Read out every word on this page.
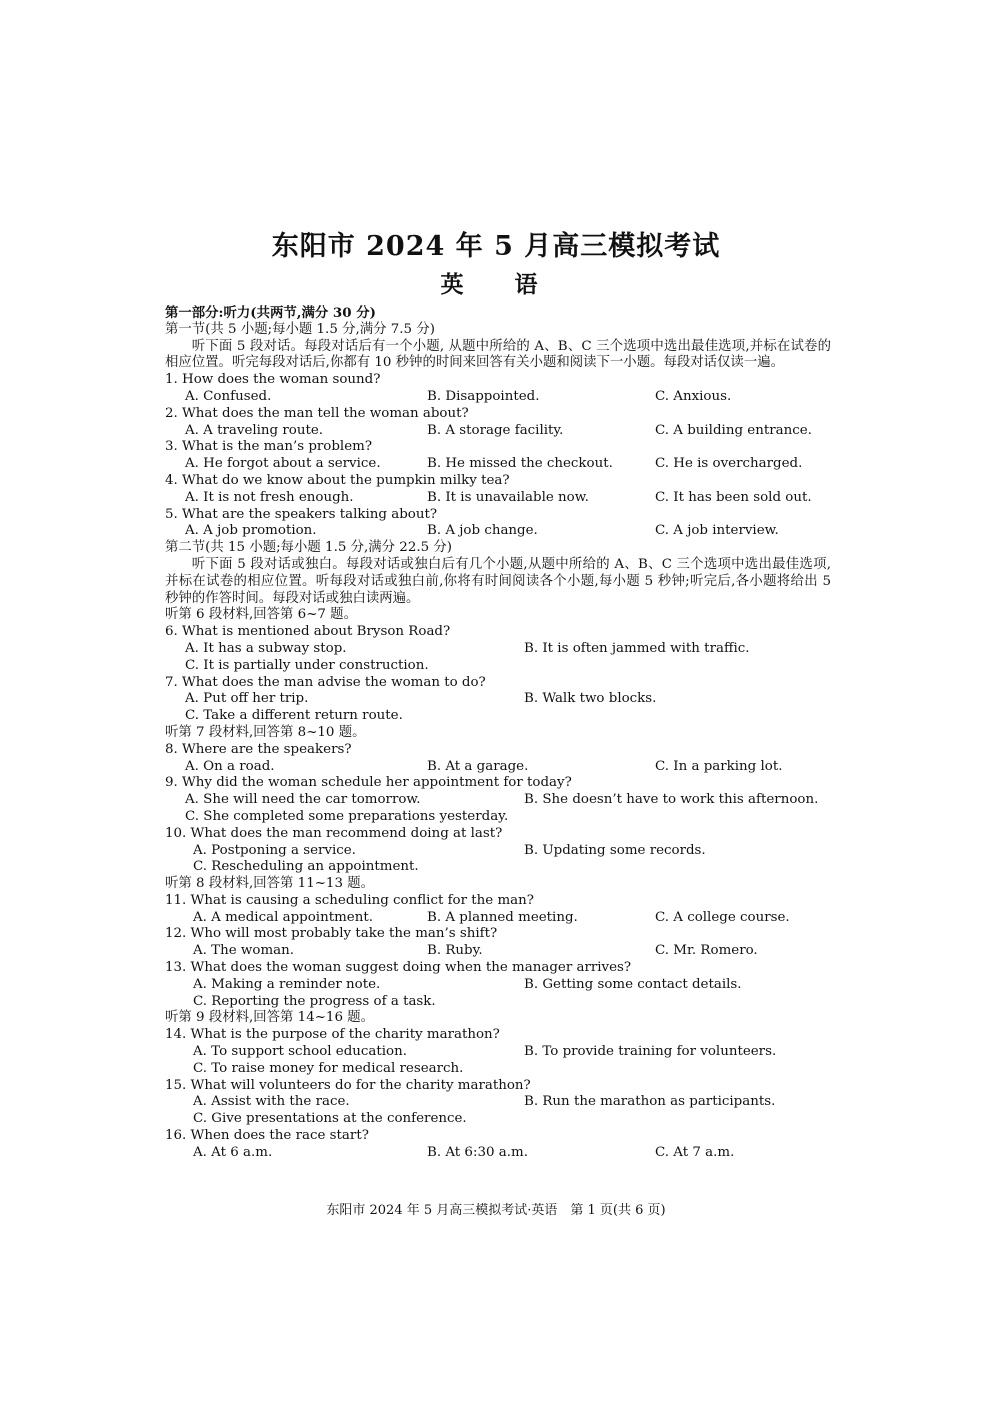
东阳市 2024 年 5 月高三模拟考试
英　语
第一部分:听力(共两节,满分 30 分)
第一节(共 5 小题;每小题 1.5 分,满分 7.5 分)
听下面 5 段对话。每段对话后有一个小题, 从题中所给的 A、B、C 三个选项中选出最佳选项,并标在试卷的相应位置。听完每段对话后,你都有 10 秒钟的时间来回答有关小题和阅读下一小题。每段对话仅读一遍。
1. How does the woman sound?
A. Confused.	B. Disappointed.	C. Anxious.
2. What does the man tell the woman about?
A. A traveling route.	B. A storage facility.	C. A building entrance.
3. What is the man’s problem?
A. He forgot about a service.	B. He missed the checkout.	C. He is overcharged.
4. What do we know about the pumpkin milky tea?
A. It is not fresh enough.	B. It is unavailable now.	C. It has been sold out.
5. What are the speakers talking about?
A. A job promotion.	B. A job change.	C. A job interview.
第二节(共 15 小题;每小题 1.5 分,满分 22.5 分)
听下面 5 段对话或独白。每段对话或独白后有几个小题,从题中所给的 A、B、C 三个选项中选出最佳选项,并标在试卷的相应位置。听每段对话或独白前,你将有时间阅读各个小题,每小题 5 秒钟;听完后,各小题将给出 5 秒钟的作答时间。每段对话或独白读两遍。
听第 6 段材料,回答第 6~7 题。
6. What is mentioned about Bryson Road?
A. It has a subway stop.	B. It is often jammed with traffic.
C. It is partially under construction.
7. What does the man advise the woman to do?
A. Put off her trip.	B. Walk two blocks.
C. Take a different return route.
听第 7 段材料,回答第 8~10 题。
8. Where are the speakers?
A. On a road.	B. At a garage.	C. In a parking lot.
9. Why did the woman schedule her appointment for today?
A. She will need the car tomorrow.	B. She doesn’t have to work this afternoon.
C. She completed some preparations yesterday.
10. What does the man recommend doing at last?
A. Postponing a service.	B. Updating some records.
C. Rescheduling an appointment.
听第 8 段材料,回答第 11~13 题。
11. What is causing a scheduling conflict for the man?
A. A medical appointment.	B. A planned meeting.	C. A college course.
12. Who will most probably take the man’s shift?
A. The woman.	B. Ruby.	C. Mr. Romero.
13. What does the woman suggest doing when the manager arrives?
A. Making a reminder note.	B. Getting some contact details.
C. Reporting the progress of a task.
听第 9 段材料,回答第 14~16 题。
14. What is the purpose of the charity marathon?
A. To support school education.	B. To provide training for volunteers.
C. To raise money for medical research.
15. What will volunteers do for the charity marathon?
A. Assist with the race.	B. Run the marathon as participants.
C. Give presentations at the conference.
16. When does the race start?
A. At 6 a.m.	B. At 6:30 a.m.	C. At 7 a.m.
东阳市 2024 年 5 月高三模拟考试·英语　第 1 页(共 6 页)
